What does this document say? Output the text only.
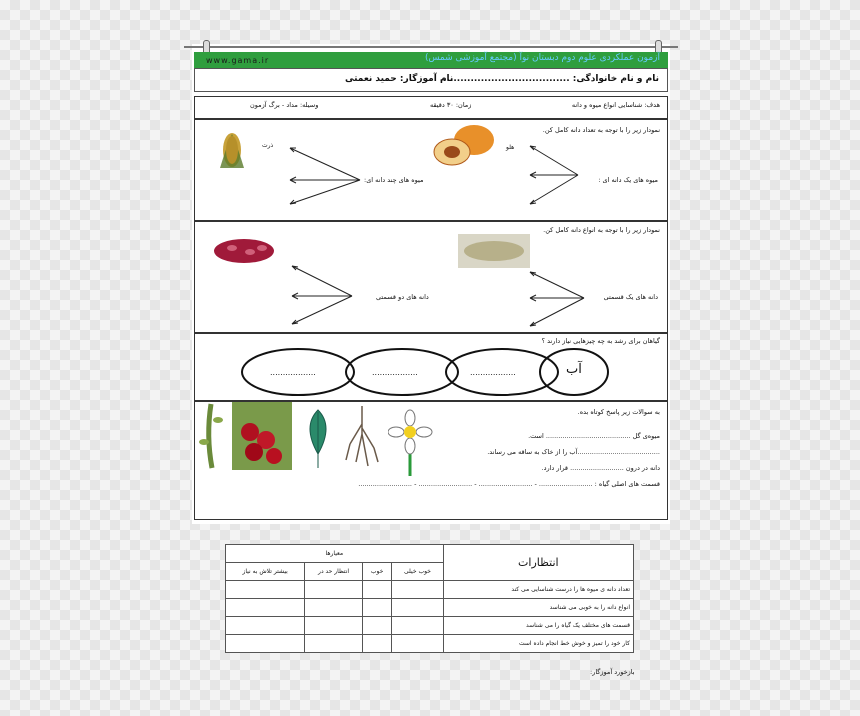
آزمون عملکردی علوم دوم دبستان نوآ (مجتمع آموزشی شمس)
www.gama.ir
نام و نام خانوادگی: ......................................
نام آموزگار: حمید نعمتی
هدف: شناسایی انواع میوه و دانه
زمان: ۳۰ دقیقه
وسیله: مداد - برگ آزمون
نمودار زیر را با توجه به تعداد دانه کامل کن.
ذرت	هلو
میوه های یک دانه ای :
میوه های چند دانه ای:
نمودار زیر را با توجه به انواع دانه کامل کن.
دانه های یک قسمتی
دانه های دو قسمتی
گیاهان برای رشد به چه چیزهایی نیاز دارند ؟
آب
..................
..................
..................
به سوالات زیر پاسخ کوتاه بده.
میوه‌ی گل ......................................... است.
........................................آب را از خاک به ساقه می رساند.
دانه در درون .......................... قرار دارد.
قسمت های اصلی گیاه : .......................... - .......................... - .......................... - ..........................
معیارها				انتظارات
بیشتر تلاش به نیاز	انتظار حد در	خوب	خوب خیلی	
				تعداد دانه ی میوه ها را درست شناسایی می کند
				انواع دانه را به خوبی می شناسد
				قسمت های مختلف یک گیاه را می شناسد
				کار خود را تمیز و خوش خط انجام داده است
بازخورد آموزگار:
